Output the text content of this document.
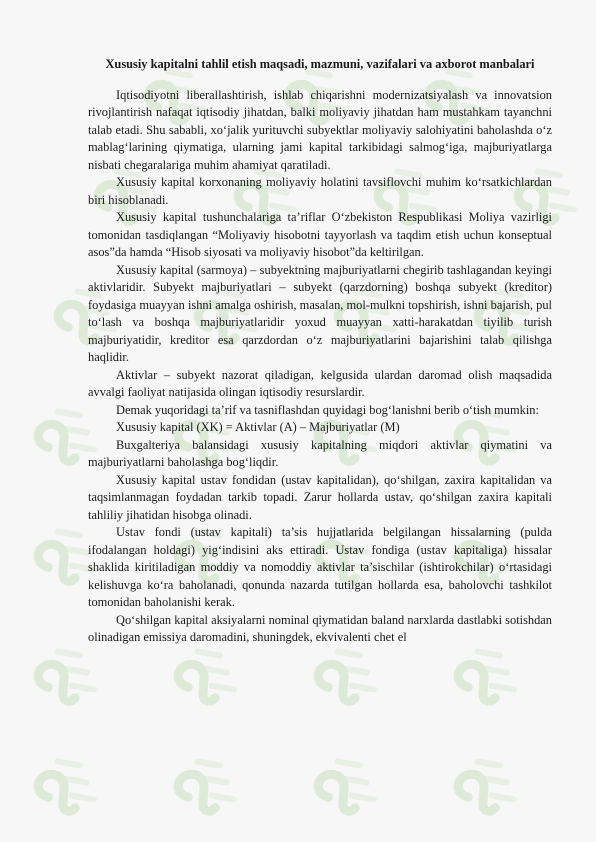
Xususiy kapitalni tahlil etish maqsadi, mazmuni, vazifalari va axborot manbalari

Iqtisodiyotni liberallashtirish, ishlab chiqarishni modernizatsiyalash va innovatsion rivojlantirish nafaqat iqtisodiy jihatdan, balki moliyaviy jihatdan ham mustahkam tayanchni talab etadi. Shu sababli, xo‘jalik yurituvchi subyektlar moliyaviy salohiyatini baholashda o‘z mablag‘larining qiymatiga, ularning jami kapital tarkibidagi salmog‘iga, majburiyatlarga nisbati chegaralariga muhim ahamiyat qaratiladi.

Xususiy kapital korxonaning moliyaviy holatini tavsiflovchi muhim ko‘rsatkichlardan biri hisoblanadi.

Xususiy kapital tushunchalariga ta’riflar O‘zbekiston Respublikasi Moliya vazirligi tomonidan tasdiqlangan “Moliyaviy hisobotni tayyorlash va taqdim etish uchun konseptual asos”da hamda “Hisob siyosati va moliyaviy hisobot”da keltirilgan.

Xususiy kapital (sarmoya) – subyektning majburiyatlarni chegirib tashlagandan keyingi aktivlaridir. Subyekt majburiyatlari – subyekt (qarzdorning) boshqa subyekt (kreditor) foydasiga muayyan ishni amalga oshirish, masalan, mol-mulkni topshirish, ishni bajarish, pul to‘lash va boshqa majburiyatlaridir yoxud muayyan xatti-harakatdan tiyilib turish majburiyatidir, kreditor esa qarzdordan o‘z majburiyatlarini bajarishini talab qilishga haqlidir.

Aktivlar – subyekt nazorat qiladigan, kelgusida ulardan daromad olish maqsadida avvalgi faoliyat natijasida olingan iqtisodiy resurslardir.

Demak yuqoridagi ta’rif va tasniflashdan quyidagi bog‘lanishni berib o‘tish mumkin:

Xususiy kapital (XK) = Aktivlar (A) – Majburiyatlar (M)

Buxgalteriya balansidagi xususiy kapitalning miqdori aktivlar qiymatini va majburiyatlarni baholashga bog‘liqdir.

Xususiy kapital ustav fondidan (ustav kapitalidan), qo‘shilgan, zaxira kapitalidan va taqsimlanmagan foydadan tarkib topadi. Zarur hollarda ustav, qo‘shilgan zaxira kapitali tahliliy jihatidan hisobga olinadi.

Ustav fondi (ustav kapitali) ta’sis hujjatlarida belgilangan hissalarning (pulda ifodalangan holdagi) yig‘indisini aks ettiradi. Ustav fondiga (ustav kapitaliga) hissalar shaklida kiritiladigan moddiy va nomoddiy aktivlar ta’sischilar (ishtirokchilar) o‘rtasidagi kelishuvga ko‘ra baholanadi, qonunda nazarda tutilgan hollarda esa, baholovchi tashkilot tomonidan baholanishi kerak.

Qo‘shilgan kapital aksiyalarni nominal qiymatidan baland narxlarda dastlabki sotishdan olinadigan emissiya daromadini, shuningdek, ekvivalenti chet el
